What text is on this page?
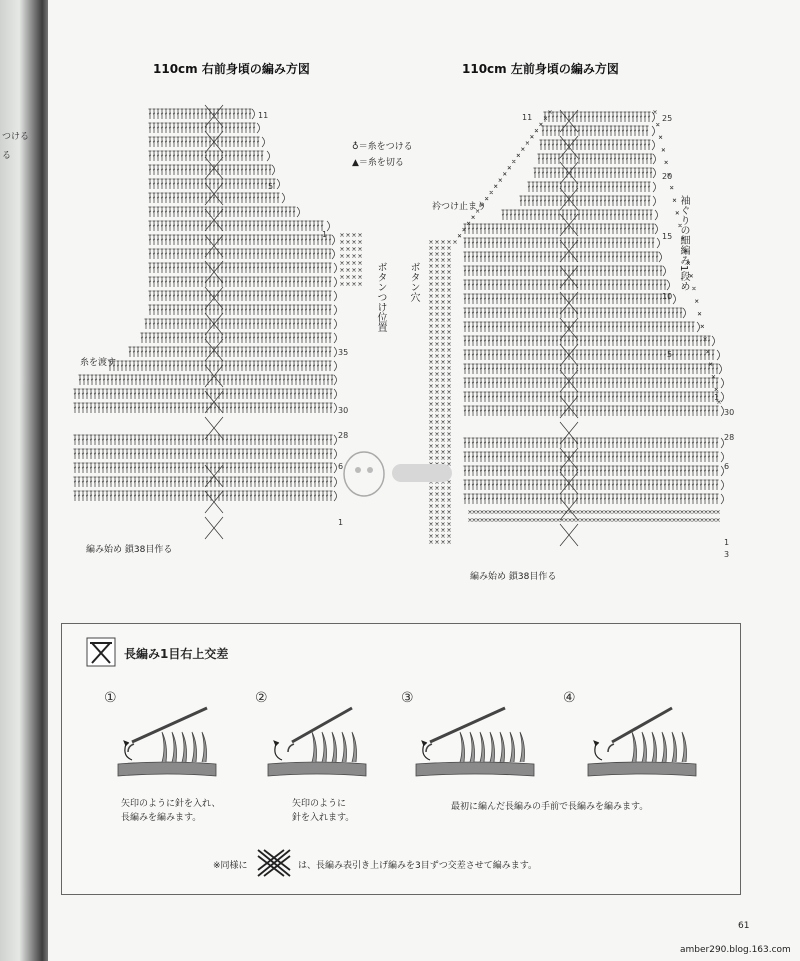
つける
る
110cm 右前身頃の編み方図
11
5
1
35
30
28
6
1
糸を渡す
ボタンつけ位置
編み始め 鎖38目作る
♁＝糸をつける
▲＝糸を切る
110cm 左前身頃の編み方図
25
20
15
10
5
1
30
28
6
3
1
11
衿つけ止まり
ボタン穴	袖ぐりの細編み1段め
編み始め 鎖38目作る
長編み1目右上交差
①	②	③	④
矢印のように針を入れ、
長編みを編みます。
矢印のように
針を入れます。
最初に編んだ長編みの手前で長編みを編みます。
※同様に	は、長編み表引き上げ編みを3目ずつ交差させて編みます。
61
amber290.blog.163.com
